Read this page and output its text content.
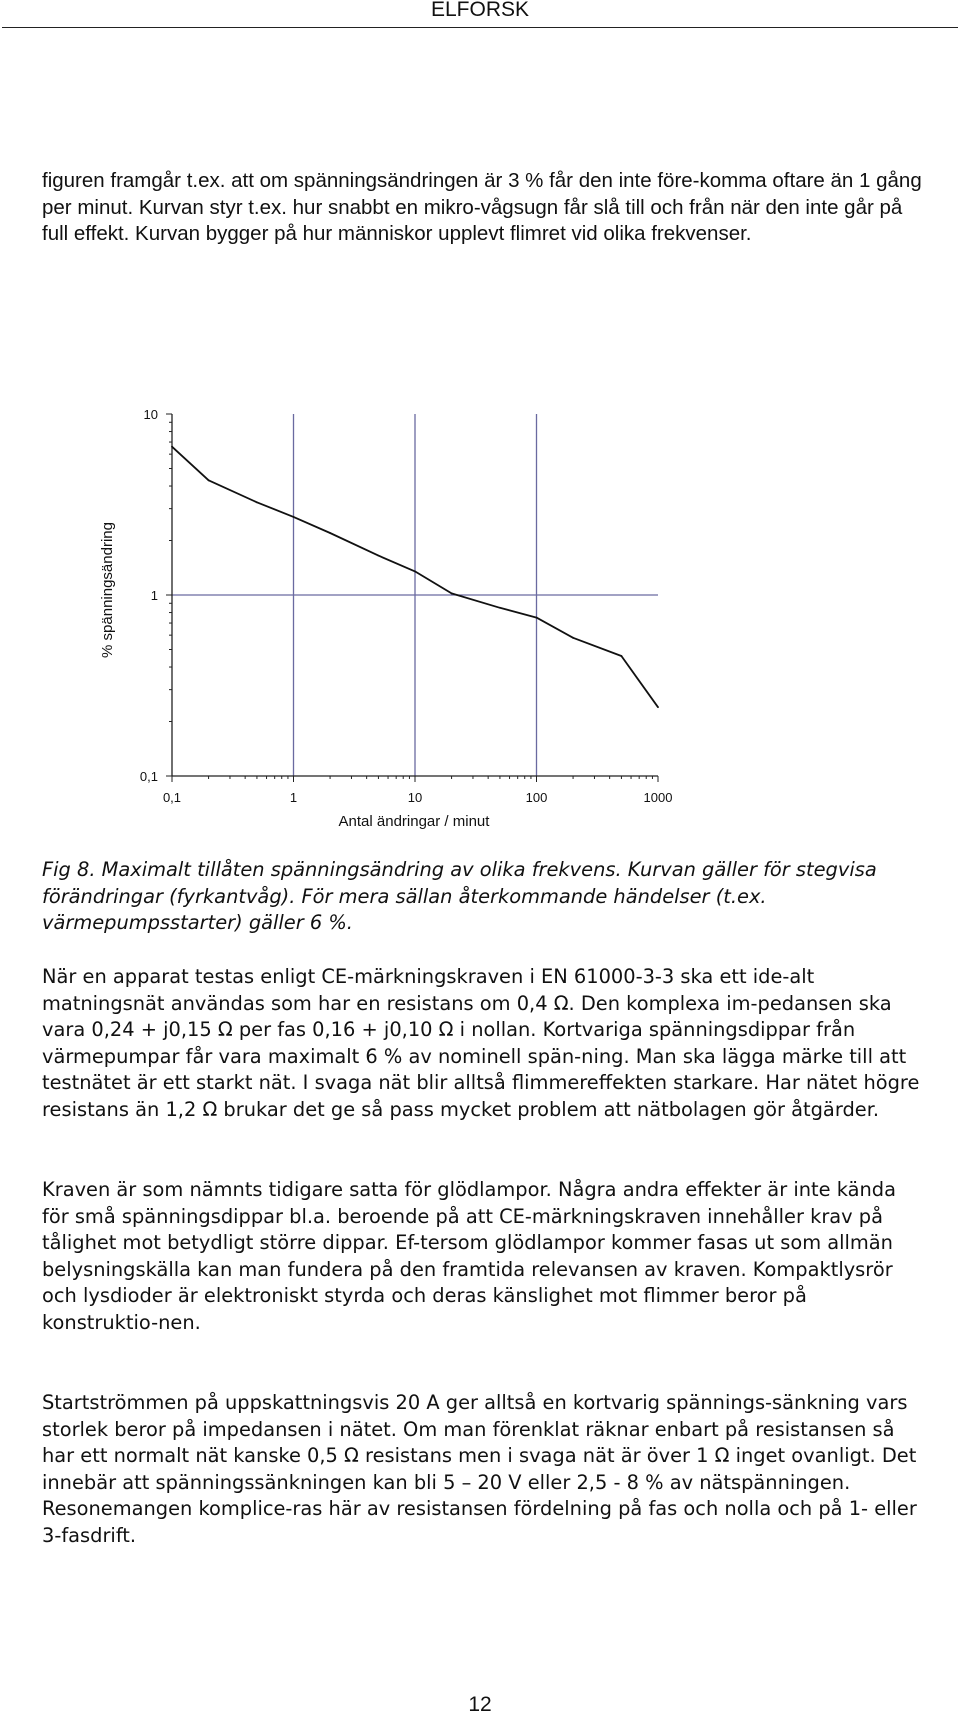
ELFORSK

figuren framgår t.ex. att om spänningsändringen är 3 % får den inte före-komma oftare än 1 gång per minut. Kurvan styr t.ex. hur snabbt en mikro-vågsugn får slå till och från när den inte går på full effekt. Kurvan bygger på hur människor upplevt flimret vid olika frekvenser.

0,1	1	10	100	1000
0,1
1
10
% spänningsändring
Antal ändringar / minut

Fig 8. Maximalt tillåten spänningsändring av olika frekvens. Kurvan gäller för stegvisa förändringar (fyrkantvåg). För mera sällan återkommande händelser (t.ex. värmepumpsstarter) gäller 6 %.

När en apparat testas enligt CE-märkningskraven i EN 61000-3-3 ska ett ide-alt matningsnät användas som har en resistans om 0,4 Ω. Den komplexa im-pedansen ska vara 0,24 + j0,15 Ω per fas 0,16 + j0,10 Ω i nollan. Kortvariga spänningsdippar från värmepumpar får vara maximalt 6 % av nominell spän-ning. Man ska lägga märke till att testnätet är ett starkt nät. I svaga nät blir alltså flimmereffekten starkare. Har nätet högre resistans än 1,2 Ω brukar det ge så pass mycket problem att nätbolagen gör åtgärder.

Kraven är som nämnts tidigare satta för glödlampor. Några andra effekter är inte kända för små spänningsdippar bl.a. beroende på att CE-märkningskraven innehåller krav på tålighet mot betydligt större dippar. Ef-tersom glödlampor kommer fasas ut som allmän belysningskälla kan man fundera på den framtida relevansen av kraven. Kompaktlysrör och lysdioder är elektroniskt styrda och deras känslighet mot flimmer beror på konstruktio-nen.

Startströmmen på uppskattningsvis 20 A ger alltså en kortvarig spännings-sänkning vars storlek beror på impedansen i nätet. Om man förenklat räknar enbart på resistansen så har ett normalt nät kanske 0,5 Ω resistans men i svaga nät är över 1 Ω inget ovanligt. Det innebär att spänningssänkningen kan bli 5 – 20 V eller 2,5 - 8 % av nätspänningen. Resonemangen komplice-ras här av resistansen fördelning på fas och nolla och på 1- eller 3-fasdrift.

12
